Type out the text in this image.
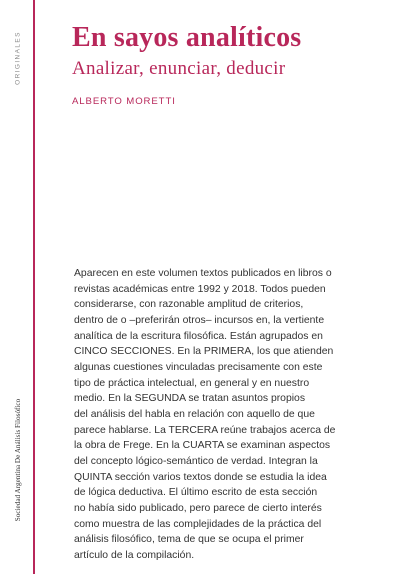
ORIGINALES
Sociedad Argentina De Análisis Filosófico
En sayos analíticos
Analizar, enunciar, deducir
ALBERTO MORETTI
Aparecen en este volumen textos publicados en libros o
revistas académicas entre 1992 y 2018. Todos pueden
considerarse, con razonable amplitud de criterios,
dentro de o –preferirán otros– incursos en, la vertiente
analítica de la escritura filosófica. Están agrupados en
CINCO SECCIONES. En la PRIMERA, los que atienden
algunas cuestiones vinculadas precisamente con este
tipo de práctica intelectual, en general y en nuestro
medio. En la SEGUNDA se tratan asuntos propios
del análisis del habla en relación con aquello de que
parece hablarse. La TERCERA reúne trabajos acerca de
la obra de Frege. En la CUARTA se examinan aspectos
del concepto lógico-semántico de verdad. Integran la
QUINTA sección varios textos donde se estudia la idea
de lógica deductiva. El último escrito de esta sección
no había sido publicado, pero parece de cierto interés
como muestra de las complejidades de la práctica del
análisis filosófico, tema de que se ocupa el primer
artículo de la compilación.
